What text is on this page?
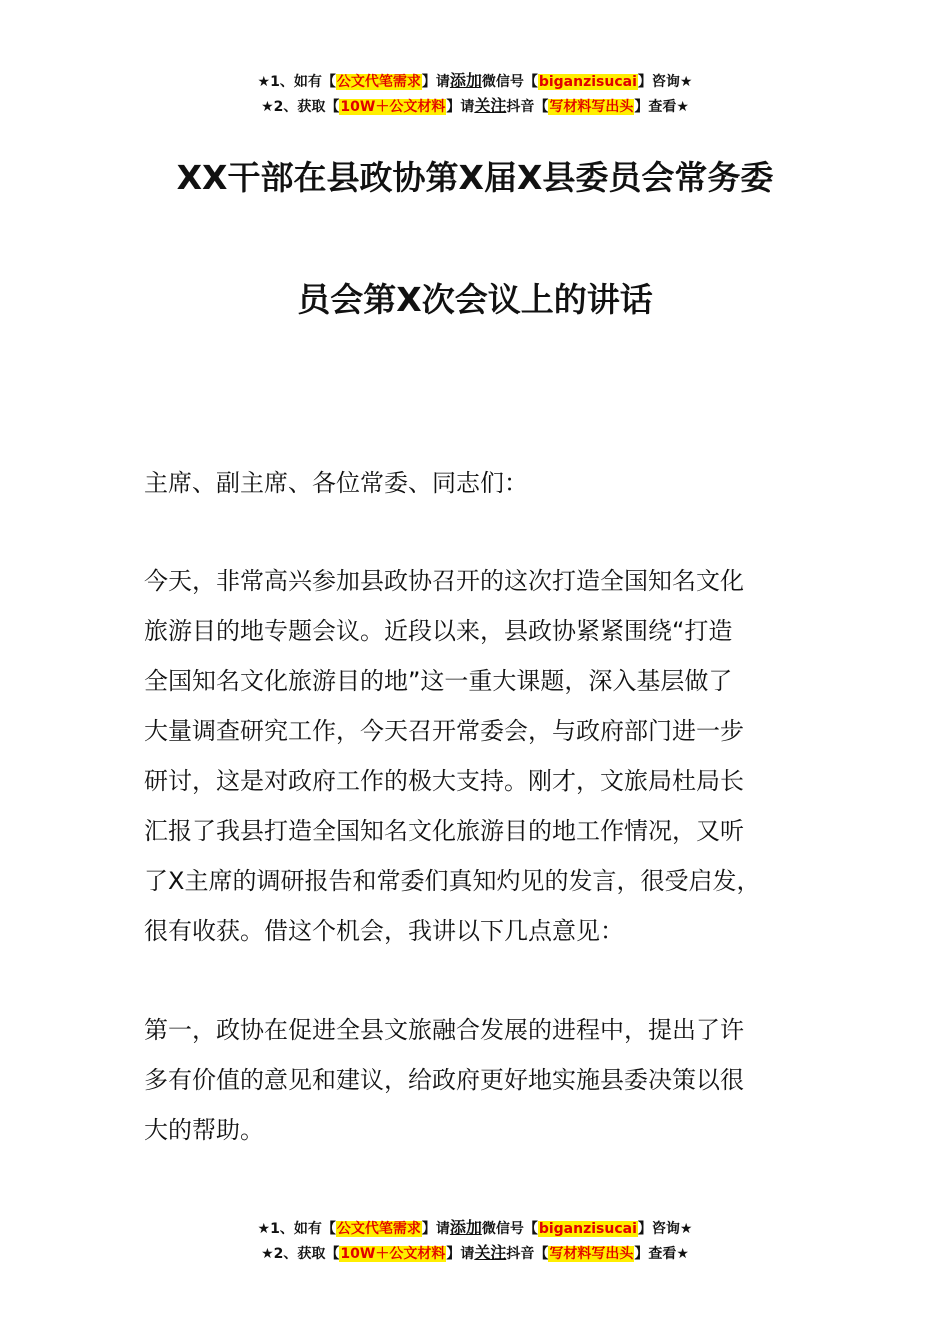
★1、如有【公文代笔需求】请添加微信号【biganzisucai】咨询★
★2、获取【10W＋公文材料】请关注抖音【写材料写出头】查看★
XX干部在县政协第X届X县委员会常务委
员会第X次会议上的讲话
主席、副主席、各位常委、同志们：
今天，非常高兴参加县政协召开的这次打造全国知名文化
旅游目的地专题会议。近段以来，县政协紧紧围绕“打造
全国知名文化旅游目的地”这一重大课题，深入基层做了
大量调查研究工作，今天召开常委会，与政府部门进一步
研讨，这是对政府工作的极大支持。刚才，文旅局杜局长
汇报了我县打造全国知名文化旅游目的地工作情况，又听
了X主席的调研报告和常委们真知灼见的发言，很受启发，
很有收获。借这个机会，我讲以下几点意见：
第一，政协在促进全县文旅融合发展的进程中，提出了许
多有价值的意见和建议，给政府更好地实施县委决策以很
大的帮助。
★1、如有【公文代笔需求】请添加微信号【biganzisucai】咨询★
★2、获取【10W＋公文材料】请关注抖音【写材料写出头】查看★
